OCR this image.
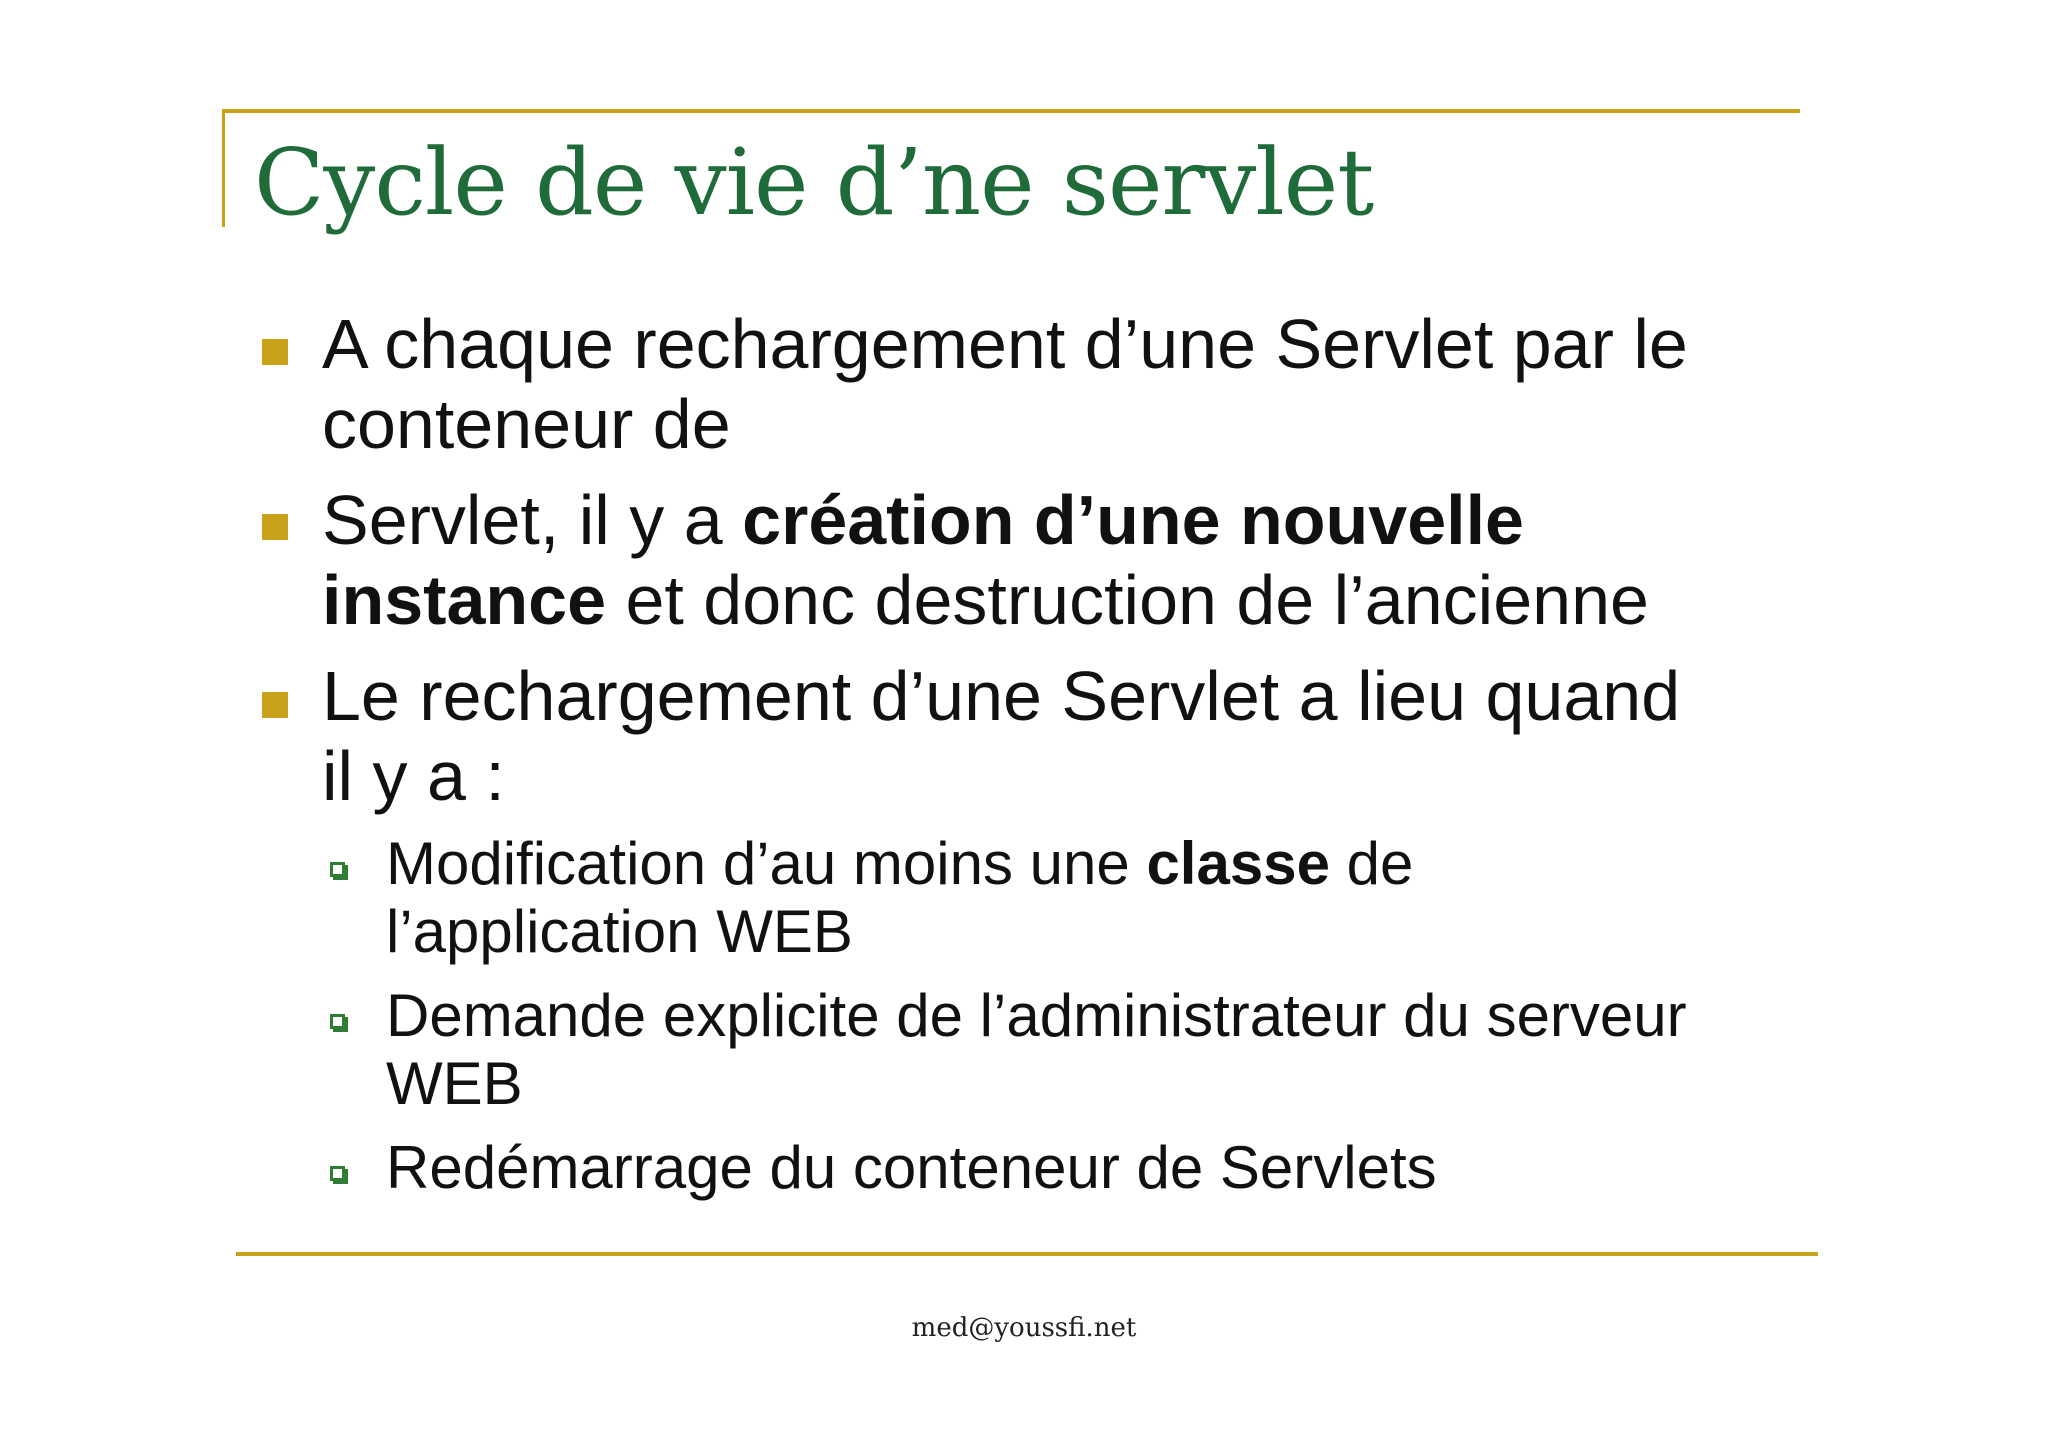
Cycle de vie d’ne servlet
A chaque rechargement d’une Servlet par le
conteneur de
Servlet, il y a création d’une nouvelle
instance et donc destruction de l’ancienne
Le rechargement d’une Servlet a lieu quand
il y a :
Modification d’au moins une classe de
l’application WEB
Demande explicite de l’administrateur du serveur
WEB
Redémarrage du conteneur de Servlets
med@youssfi.net
